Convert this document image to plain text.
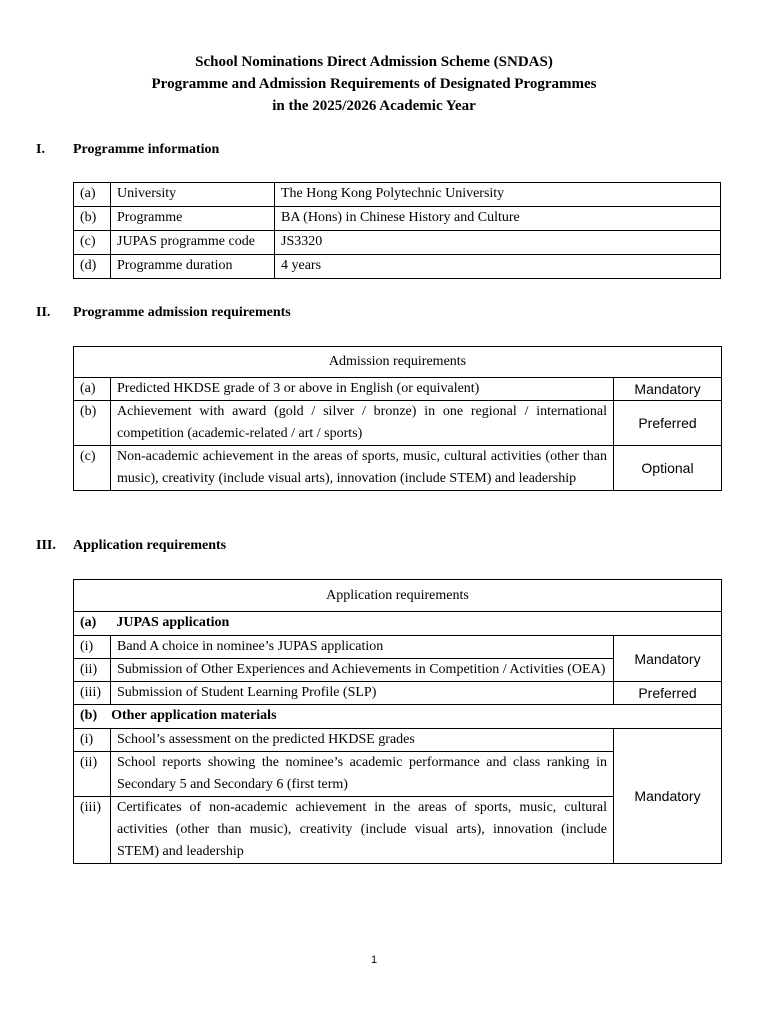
School Nominations Direct Admission Scheme (SNDAS)
Programme and Admission Requirements of Designated Programmes
in the 2025/2026 Academic Year
I. Programme information
(a)	University	The Hong Kong Polytechnic University
(b)	Programme	BA (Hons) in Chinese History and Culture
(c)	JUPAS programme code	JS3320
(d)	Programme duration	4 years
II. Programme admission requirements
Admission requirements		
(a)	Predicted HKDSE grade of 3 or above in English (or equivalent)	Mandatory
(b)	Achievement with award (gold / silver / bronze) in one regional / international competition (academic-related / art / sports)	Preferred
(c)	Non-academic achievement in the areas of sports, music, cultural activities (other than music), creativity (include visual arts), innovation (include STEM) and leadership	Optional
III. Application requirements
Application requirements		
(a) JUPAS application		
(i)	Band A choice in nominee’s JUPAS application	Mandatory
(ii)	Submission of Other Experiences and Achievements in Competition / Activities (OEA)	
(iii)	Submission of Student Learning Profile (SLP)	Preferred
(b) Other application materials		
(i)	School’s assessment on the predicted HKDSE grades	Mandatory
(ii)	School reports showing the nominee’s academic performance and class ranking in Secondary 5 and Secondary 6 (first term)	
(iii)	Certificates of non-academic achievement in the areas of sports, music, cultural activities (other than music), creativity (include visual arts), innovation (include STEM) and leadership	
1
